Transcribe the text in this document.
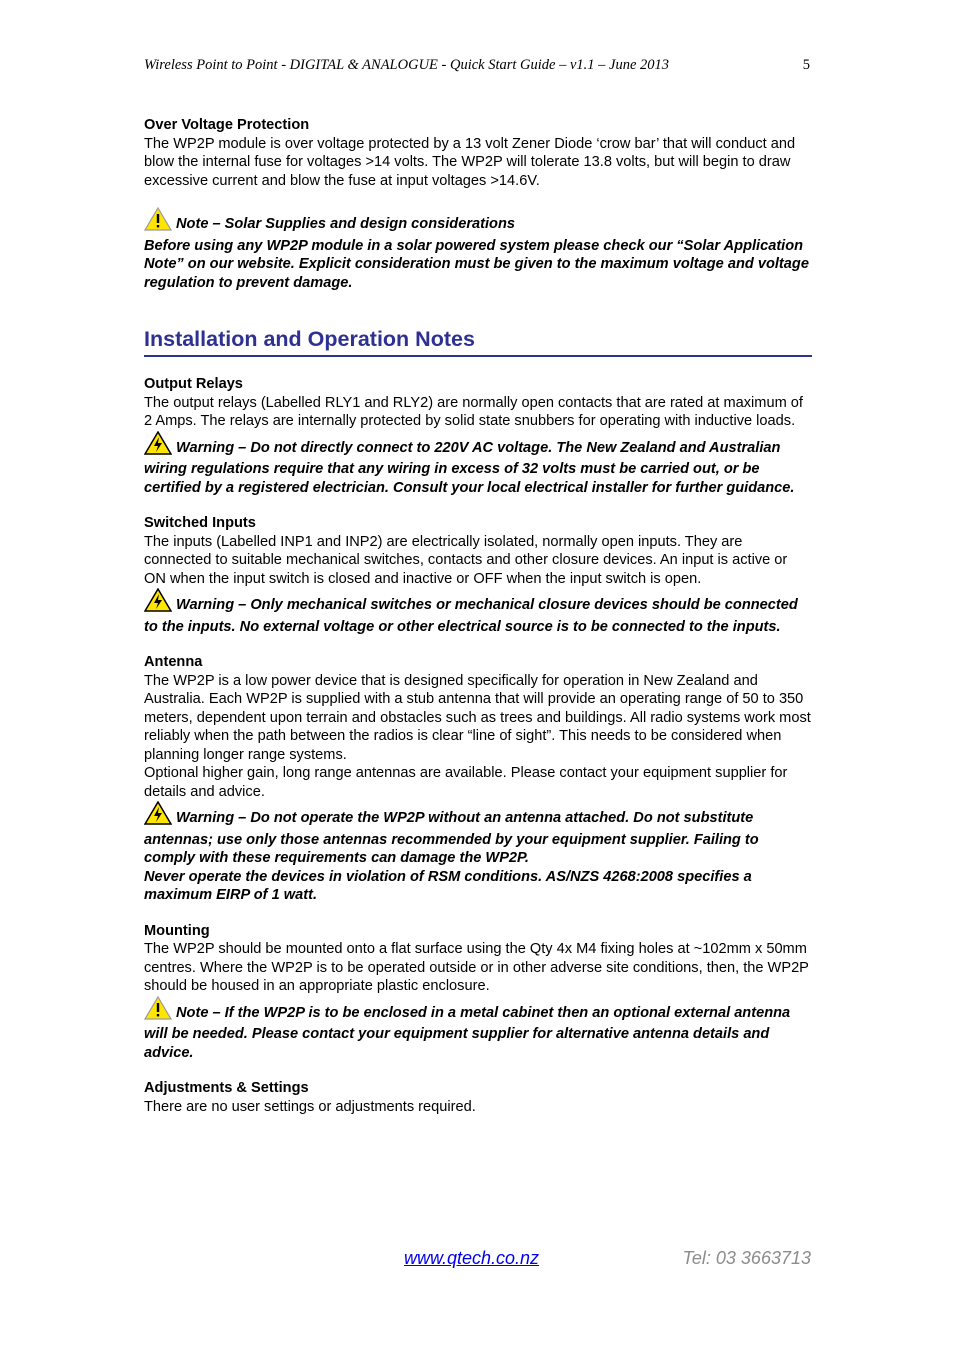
Wireless Point to Point - DIGITAL & ANALOGUE - Quick Start Guide – v1.1 – June 2013	5

Over Voltage Protection

The WP2P module is over voltage protected by a 13 volt Zener Diode ‘crow bar’ that will conduct and blow the internal fuse for voltages >14 volts. The WP2P will tolerate 13.8 volts, but will begin to draw excessive current and blow the fuse at input voltages >14.6V.

Note – Solar Supplies and design considerations

Before using any WP2P module in a solar powered system please check our “Solar Application Note” on our website. Explicit consideration must be given to the maximum voltage and voltage regulation to prevent damage.

Installation and Operation Notes

Output Relays

The output relays (Labelled RLY1 and RLY2) are normally open contacts that are rated at maximum of 2 Amps. The relays are internally protected by solid state snubbers for operating with inductive loads.

Warning – Do not directly connect to 220V AC voltage. The New Zealand and Australian wiring regulations require that any wiring in excess of 32 volts must be carried out, or be certified by a registered electrician. Consult your local electrical installer for further guidance.

Switched Inputs

The inputs (Labelled INP1 and INP2) are electrically isolated, normally open inputs. They are connected to suitable mechanical switches, contacts and other closure devices. An input is active or ON when the input switch is closed and inactive or OFF when the input switch is open.

Warning – Only mechanical switches or mechanical closure devices should be connected to the inputs. No external voltage or other electrical source is to be connected to the inputs.

Antenna

The WP2P is a low power device that is designed specifically for operation in New Zealand and Australia. Each WP2P is supplied with a stub antenna that will provide an operating range of 50 to 350 meters, dependent upon terrain and obstacles such as trees and buildings. All radio systems work most reliably when the path between the radios is clear “line of sight”. This needs to be considered when planning longer range systems.

Optional higher gain, long range antennas are available. Please contact your equipment supplier for details and advice.

Warning – Do not operate the WP2P without an antenna attached. Do not substitute antennas; use only those antennas recommended by your equipment supplier. Failing to comply with these requirements can damage the WP2P.

Never operate the devices in violation of RSM conditions. AS/NZS 4268:2008 specifies a maximum EIRP of 1 watt.

Mounting

The WP2P should be mounted onto a flat surface using the Qty 4x M4 fixing holes at ~102mm x 50mm centres. Where the WP2P is to be operated outside or in other adverse site conditions, then, the WP2P should be housed in an appropriate plastic enclosure.

Note – If the WP2P is to be enclosed in a metal cabinet then an optional external antenna will be needed. Please contact your equipment supplier for alternative antenna details and advice.

Adjustments & Settings

There are no user settings or adjustments required.

www.qtech.co.nz	Tel: 03 3663713
